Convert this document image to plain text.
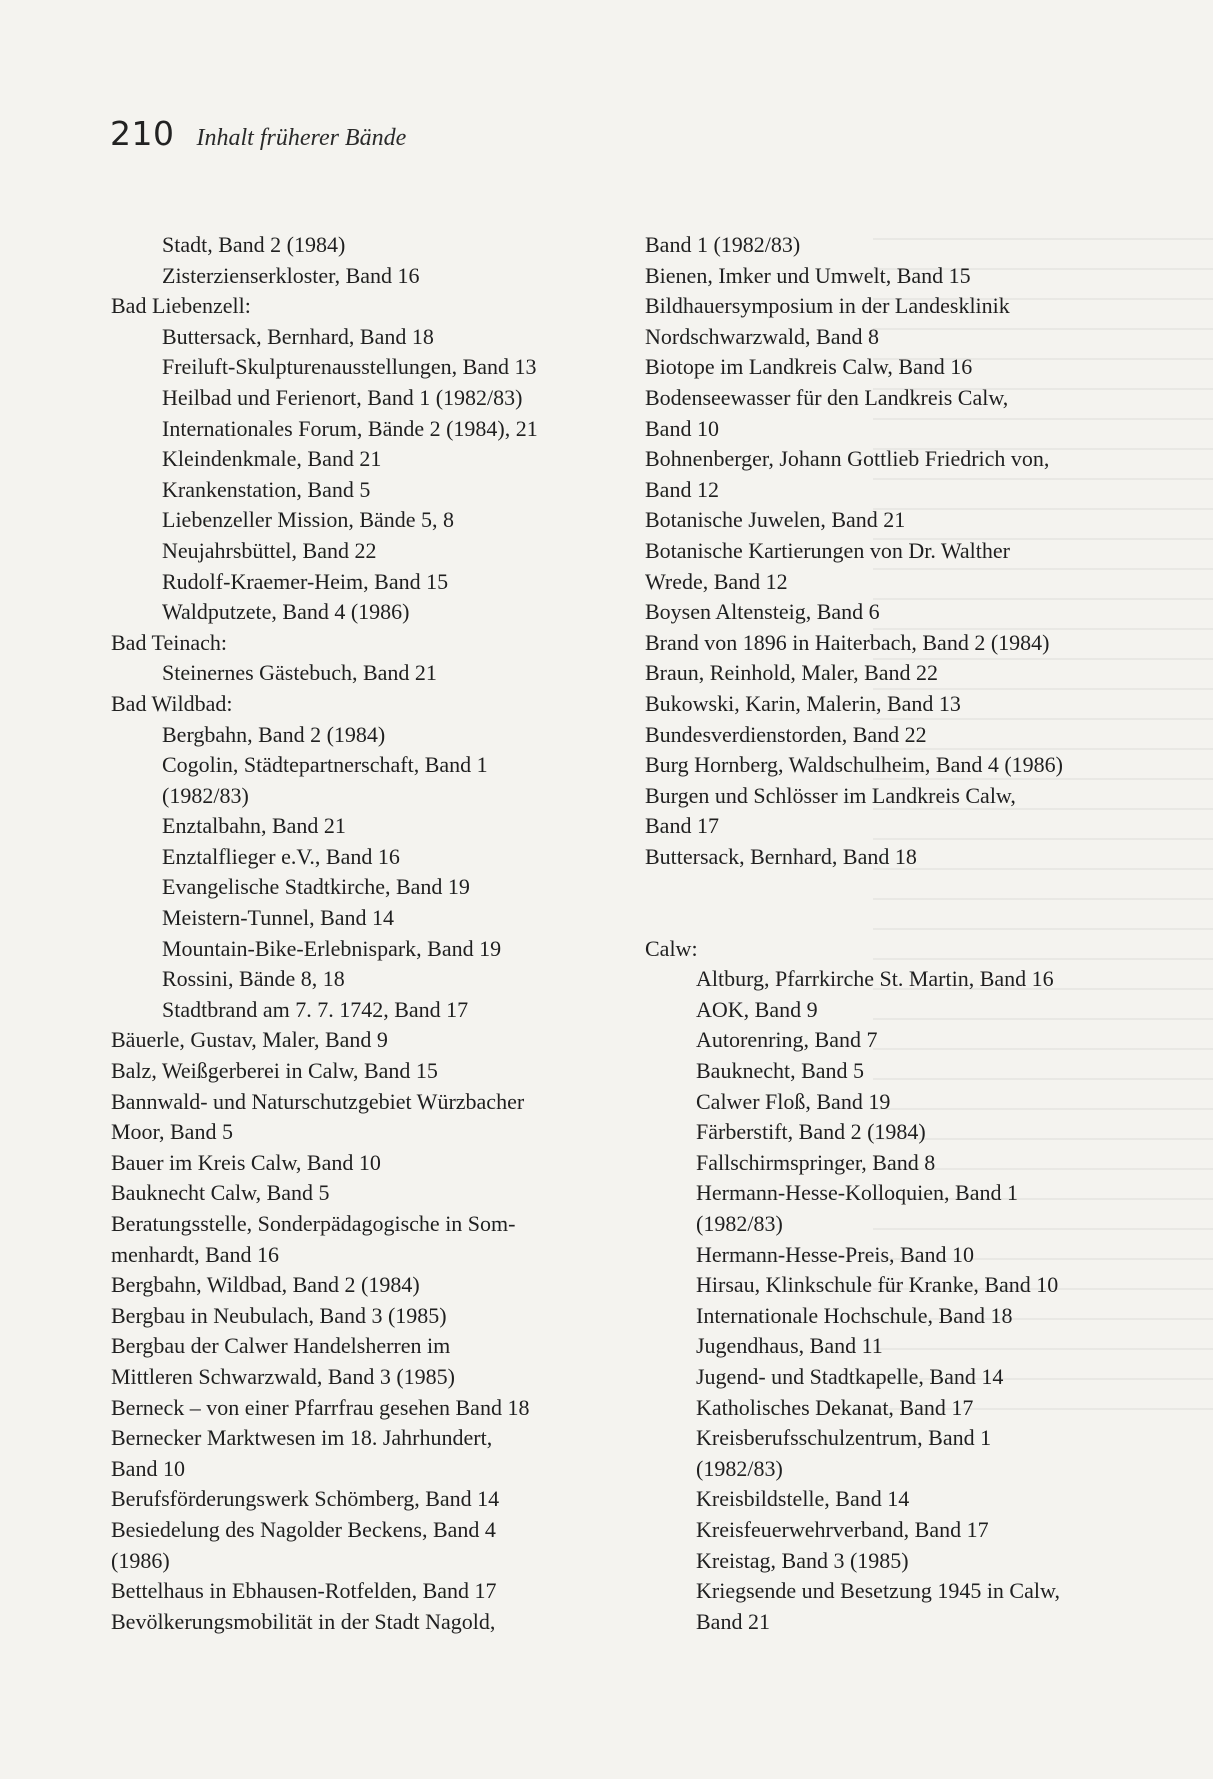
210 Inhalt früherer Bände
Stadt, Band 2 (1984)
Zisterzienserkloster, Band 16
Bad Liebenzell:
Buttersack, Bernhard, Band 18
Freiluft-Skulpturenausstellungen, Band 13
Heilbad und Ferienort, Band 1 (1982/83)
Internationales Forum, Bände 2 (1984), 21
Kleindenkmale, Band 21
Krankenstation, Band 5
Liebenzeller Mission, Bände 5, 8
Neujahrsbüttel, Band 22
Rudolf-Kraemer-Heim, Band 15
Waldputzete, Band 4 (1986)
Bad Teinach:
Steinernes Gästebuch, Band 21
Bad Wildbad:
Bergbahn, Band 2 (1984)
Cogolin, Städtepartnerschaft, Band 1
(1982/83)
Enztalbahn, Band 21
Enztalflieger e.V., Band 16
Evangelische Stadtkirche, Band 19
Meistern-Tunnel, Band 14
Mountain-Bike-Erlebnispark, Band 19
Rossini, Bände 8, 18
Stadtbrand am 7. 7. 1742, Band 17
Bäuerle, Gustav, Maler, Band 9
Balz, Weißgerberei in Calw, Band 15
Bannwald- und Naturschutzgebiet Würzbacher
Moor, Band 5
Bauer im Kreis Calw, Band 10
Bauknecht Calw, Band 5
Beratungsstelle, Sonderpädagogische in Som-
menhardt, Band 16
Bergbahn, Wildbad, Band 2 (1984)
Bergbau in Neubulach, Band 3 (1985)
Bergbau der Calwer Handelsherren im
Mittleren Schwarzwald, Band 3 (1985)
Berneck – von einer Pfarrfrau gesehen Band 18
Bernecker Marktwesen im 18. Jahrhundert,
Band 10
Berufsförderungswerk Schömberg, Band 14
Besiedelung des Nagolder Beckens, Band 4
(1986)
Bettelhaus in Ebhausen-Rotfelden, Band 17
Bevölkerungsmobilität in der Stadt Nagold,
Band 1 (1982/83)
Bienen, Imker und Umwelt, Band 15
Bildhauersymposium in der Landesklinik
Nordschwarzwald, Band 8
Biotope im Landkreis Calw, Band 16
Bodenseewasser für den Landkreis Calw,
Band 10
Bohnenberger, Johann Gottlieb Friedrich von,
Band 12
Botanische Juwelen, Band 21
Botanische Kartierungen von Dr. Walther
Wrede, Band 12
Boysen Altensteig, Band 6
Brand von 1896 in Haiterbach, Band 2 (1984)
Braun, Reinhold, Maler, Band 22
Bukowski, Karin, Malerin, Band 13
Bundesverdienstorden, Band 22
Burg Hornberg, Waldschulheim, Band 4 (1986)
Burgen und Schlösser im Landkreis Calw,
Band 17
Buttersack, Bernhard, Band 18
Calw:
Altburg, Pfarrkirche St. Martin, Band 16
AOK, Band 9
Autorenring, Band 7
Bauknecht, Band 5
Calwer Floß, Band 19
Färberstift, Band 2 (1984)
Fallschirmspringer, Band 8
Hermann-Hesse-Kolloquien, Band 1
(1982/83)
Hermann-Hesse-Preis, Band 10
Hirsau, Klinkschule für Kranke, Band 10
Internationale Hochschule, Band 18
Jugendhaus, Band 11
Jugend- und Stadtkapelle, Band 14
Katholisches Dekanat, Band 17
Kreisberufsschulzentrum, Band 1
(1982/83)
Kreisbildstelle, Band 14
Kreisfeuerwehrverband, Band 17
Kreistag, Band 3 (1985)
Kriegsende und Besetzung 1945 in Calw,
Band 21
